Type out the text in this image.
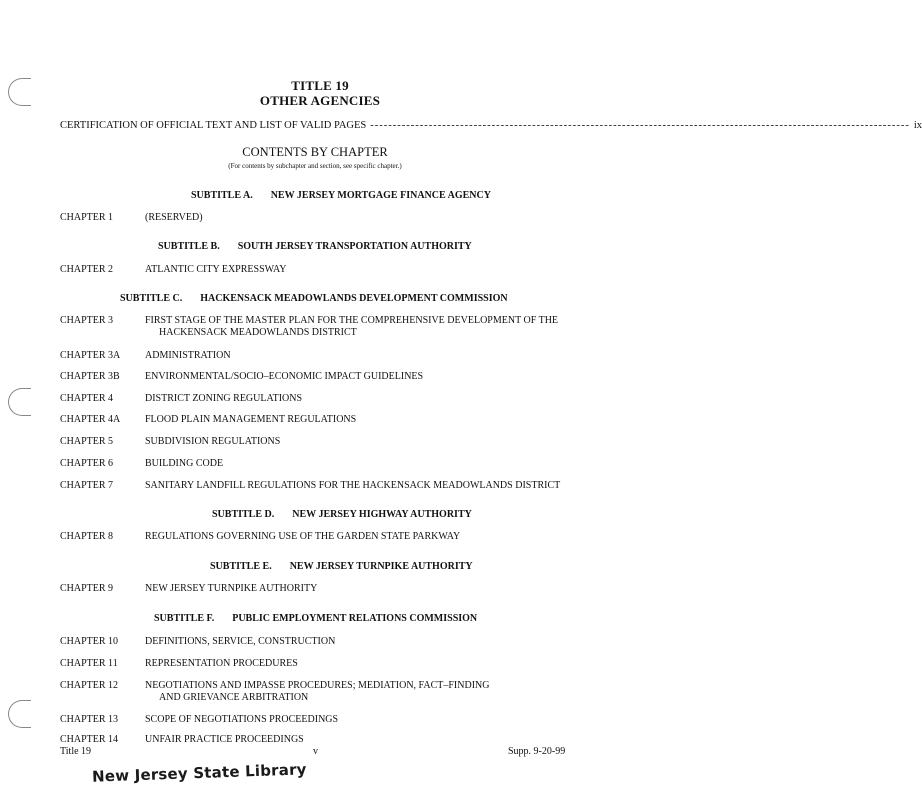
TITLE 19
OTHER AGENCIES
CERTIFICATION OF OFFICIAL TEXT AND LIST OF VALID PAGES ------------------------------------------------------------------------------------------------------------------------ ix
CONTENTS BY CHAPTER
(For contents by subchapter and section, see specific chapter.)
SUBTITLE A. NEW JERSEY MORTGAGE FINANCE AGENCY
CHAPTER 1	(RESERVED)
SUBTITLE B. SOUTH JERSEY TRANSPORTATION AUTHORITY
CHAPTER 2	ATLANTIC CITY EXPRESSWAY
SUBTITLE C. HACKENSACK MEADOWLANDS DEVELOPMENT COMMISSION
CHAPTER 3	FIRST STAGE OF THE MASTER PLAN FOR THE COMPREHENSIVE DEVELOPMENT OF THE
HACKENSACK MEADOWLANDS DISTRICT
CHAPTER 3A	ADMINISTRATION
CHAPTER 3B	ENVIRONMENTAL/SOCIO–ECONOMIC IMPACT GUIDELINES
CHAPTER 4	DISTRICT ZONING REGULATIONS
CHAPTER 4A	FLOOD PLAIN MANAGEMENT REGULATIONS
CHAPTER 5	SUBDIVISION REGULATIONS
CHAPTER 6	BUILDING CODE
CHAPTER 7	SANITARY LANDFILL REGULATIONS FOR THE HACKENSACK MEADOWLANDS DISTRICT
SUBTITLE D. NEW JERSEY HIGHWAY AUTHORITY
CHAPTER 8	REGULATIONS GOVERNING USE OF THE GARDEN STATE PARKWAY
SUBTITLE E. NEW JERSEY TURNPIKE AUTHORITY
CHAPTER 9	NEW JERSEY TURNPIKE AUTHORITY
SUBTITLE F. PUBLIC EMPLOYMENT RELATIONS COMMISSION
CHAPTER 10	DEFINITIONS, SERVICE, CONSTRUCTION
CHAPTER 11	REPRESENTATION PROCEDURES
CHAPTER 12	NEGOTIATIONS AND IMPASSE PROCEDURES; MEDIATION, FACT–FINDING
AND GRIEVANCE ARBITRATION
CHAPTER 13	SCOPE OF NEGOTIATIONS PROCEEDINGS
CHAPTER 14	UNFAIR PRACTICE PROCEEDINGS
Title 19	v	Supp. 9-20-99
New Jersey State Library
